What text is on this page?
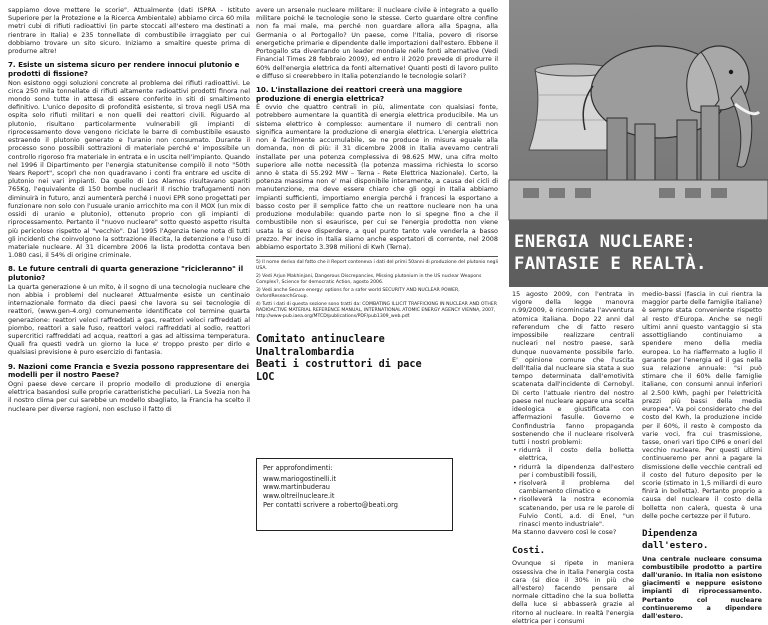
sappiamo dove mettere le scorie". Attualmente (dati ISPRA - Istituto Superiore per la Protezione e la Ricerca Ambientale) abbiamo circa 60 mila metri cubi di rifiuti radioattivi (in parte stoccati all'estero ma destinati a rientrare in Italia) e 235 tonnellate di combustibile irraggiato per cui dobbiamo trovare un sito sicuro. Iniziamo a smaltire queste prima di produrne altre!

7. Esiste un sistema sicuro per rendere innocui plutonio e prodotti di fissione?

Non esistono oggi soluzioni concrete al problema dei rifiuti radioattivi. Le circa 250 mila tonnellate di rifiuti altamente radioattivi prodotti finora nel mondo sono tutte in attesa di essere conferite in siti di smaltimento definitivo. L'unico deposito di profondità esistente, si trova negli USA ma ospita solo rifiuti militari e non quelli dei reattori civili. Riguardo al plutonio, risultano particolarmente vulnerabili gli impianti di riprocessamento dove vengono riciclate le barre di combustibile esausto estraendo il plutonio generato e l'uranio non consumato. Durante il processo sono possibili sottrazioni di materiale perché e' impossibile un controllo rigoroso fra materiale in entrata e in uscita nell'impianto. Quando nel 1996 il Dipartimento per l'energia statunitense compilò il noto "50th Years Report", scoprì che non quadravano i conti fra entrare ed uscite di plutonio nei vari impianti. Da quello di Los Alamos risultavano spariti 765Kg, l'equivalente di 150 bombe nucleari! Il rischio trafugamenti non diminuirà in futuro, anzi aumenterà perché i nuovi EPR sono progettati per funzionare non solo con l'usuale uranio arricchito ma con il MOX (un mix di ossidi di uranio e plutonio), ottenuto proprio con gli impianti di riprocessamento. Pertanto il "nuovo nucleare" sotto questo aspetto risulta più pericoloso rispetto al "vecchio". Dal 1995 l'Agenzia tiene nota di tutti gli incidenti che coinvolgono la sottrazione illecita, la detenzione e l'uso di materiale nucleare. Al 31 dicembre 2006 la lista prodotta contava ben 1.080 casi, il 54% di origine criminale.

8. Le future centrali di quarta generazione "ricicleranno" il plutonio?

La quarta generazione è un mito, è il sogno di una tecnologia nucleare che non abbia i problemi del nucleare! Attualmente esiste un centinaio internazionale formato da dieci paesi che lavora su sei tecnologie di reattori, (www.gen-4.org) comunemente identificate col termine quarta generazione: reattori veloci raffreddati a gas, reattori veloci raffreddati al piombo, reattori a sale fuso, reattori veloci raffreddati al sodio, reattori supercritici raffreddati ad acqua, reattori a gas ad altissima temperatura. Quali fra questi vedrà un giorno la luce e' troppo presto per dirlo e qualsiasi previsione è puro esercizio di fantasia.

9. Nazioni come Francia e Svezia possono rappresentare dei modelli per il nostro Paese?

Ogni paese deve cercare il proprio modello di produzione di energia elettrica basandosi sulle proprie caratteristiche peculiari. La Svezia non ha il nostro clima per cui sarebbe un modello sbagliato, la Francia ha scelto il nucleare per diverse ragioni, non escluso il fatto di

avere un arsenale nucleare militare: il nucleare civile è integrato a quello militare poiché le tecnologie sono le stesse. Certo guardare oltre confine non fa mai male, ma perché non guardare allora alla Spagna, alla Germania o al Portogallo? Un paese, come l'Italia, povero di risorse energetiche primarie e dipendente dalle importazioni dall'estero. Ebbene il Portogallo sta diventando un leader mondiale nelle fonti alternative (Vedi Financial Times 28 febbraio 2009), ed entro il 2020 prevede di produrre il 60% dell'energia elettrica da fonti alternative! Quanti posti di lavoro pulito e diffuso si creerebbero in Italia potenziando le tecnologie solari?

10. L'installazione dei reattori creerà una maggiore produzione di energia elettrica?

È ovvio che quattro centrali in più, alimentate con qualsiasi fonte, potrebbero aumentare la quantità di energia elettrica producibile. Ma un sistema elettrico è complesso: aumentare il numero di centrali non significa aumentare la produzione di energia elettrica. L'energia elettrica non è facilmente accumulabile, se ne produce in misura eguale alla domanda, non di più: il 31 dicembre 2008 in Italia avevamo centrali installate per una potenza complessiva di 98.625 MW, una cifra molto superiore alle notte necessità (la potenza massima richiesta lo scorso anno è stata di 55.292 MW – Terna - Rete Elettrica Nazionale). Certo, la potenza massima non e' mai disponibile interamente, a causa dei cicli di manutenzione, ma deve essere chiaro che gli oggi in Italia abbiamo impianti sufficienti, importiamo energia perché i francesi la esportano a basso costo per il semplice fatto che un reattore nucleare non ha una produzione modulabile: quando parte non lo si spegne fino a che il combustibile non si esaurisce, per cui se l'energia prodotta non viene usata la si deve disperdere, a quel punto tanto vale venderla a basso prezzo. Per inciso in Italia siamo anche esportatori di corrente, nel 2008 abbiamo esportato 3.398 milioni di Kwh (Terna).

5) Il nome deriva dal fatto che il Report conteneva i dati del primi 50anni di produzione del plutonio negli USA.

2) Vedi Arjun Makhinjani, Dangerous Discrepancies, Missing plutonium in the US nuclear Weapons Complex?, Science for democratic Action, agosto 2006.

3) Vedi anche Secure energy: options for a safer world SECURITY AND NUCLEAR POWER, OxfordResearchGroup.

4) Tutti i dati di questa sezione sono tratti da: COMBATING ILLICIT TRAFFICKING IN NUCLEAR AND OTHER RADIOACTIVE MATERIAL REFERENCE MANUAL, INTERNATIONAL ATOMIC ENERGY AGENCY VIENNA, 2007, http://www-pub.iaea.org/MTCD/publications/PDF/pub1309_web.pdf.

Comitato antinucleare
Unaltralombardia
Beati i costruttori di pace
LOC

Per approfondimenti:

www.mariogostinelli.it

www.martinbuderau

www.oltreilnucleare.it

Per contatti scrivere a roberto@beati.org

ENERGIA NUCLEARE:
FANTASIE E REALTÀ.

15 agosto 2009, con l'entrata in vigore della legge manovra n.99/2009, è ricominciata l'avventura atomica italiana. Dopo 22 anni dal referendum che di fatto resero impossibile realizzare centrali nucleari nel nostro paese, sarà dunque nuovamente possibile farlo. E' opinione comune che l'uscita dell'Italia dal nucleare sia stata a suo tempo determinata dall'emotività scatenata dall'incidente di Cernobyl. Di certo l'attuale rientro del nostro paese nel nucleare appare una scelta ideologica e giustificata con affermazioni fasulle. Governo e Confindustria fanno propaganda sostenendo che il nucleare risolverà tutti i nostri problemi:

• ridurrà il costo della bolletta elettrica,
• ridurrà la dipendenza dall'estero per i combustibili fossili,
• risolverà il problema del cambiamento climatico e
• risolleverà la nostra economia scatenando, per usa re le parole di Fulvio Conti, a.d. di Enel, "un rinasci mento industriale".

Ma stanno davvero così le cose?

Costi.

Ovunque si ripete in maniera ossessiva che in Italia l'energia costa cara (si dice il 30% in più che all'estero) facendo pensare al normale cittadino che la sua bolletta della luce si abbasserà grazie al ritorno al nucleare. In realtà l'energia elettrica per i consumi

medio-bassi (fascia in cui rientra la maggior parte delle famiglie italiane) è sempre stata conveniente rispetto al resto d'Europa. Anche se negli ultimi anni questo vantaggio si sta assottigliando continuiamo a spendere meno della media europea. Lo ha riaffermato a luglio il garante per l'energia ed il gas nella sua relazione annuale: "si può stimare che il 60% delle famiglie italiane, con consumi annui inferiori al 2.500 kWh, paghi per l'elettricità prezzi più bassi della media europea". Va poi considerato che del costo del Kwh, la produzione incide per il 60%, il resto è composto da varie voci, fra cui trasmissione, tasse, oneri vari tipo CIP6 e oneri del vecchio nucleare. Per questi ultimi continueremo per anni a pagare la dismissione delle vecchie centrali ed il costo del futuro deposito per le scorie (stimato in 1,5 miliardi di euro finirà in bolletta). Pertanto proprio a causa del nucleare il costo della bolletta non calerà, questa è una delle poche certezze per il futuro.

Dipendenza dall'estero.

Una centrale nucleare consuma combustibile prodotto a partire dall'uranio. In Italia non esistono giacimenti e neppure esistono impianti di riprocessamento. Pertanto col nucleare continueremo a dipendere dall'estero.
